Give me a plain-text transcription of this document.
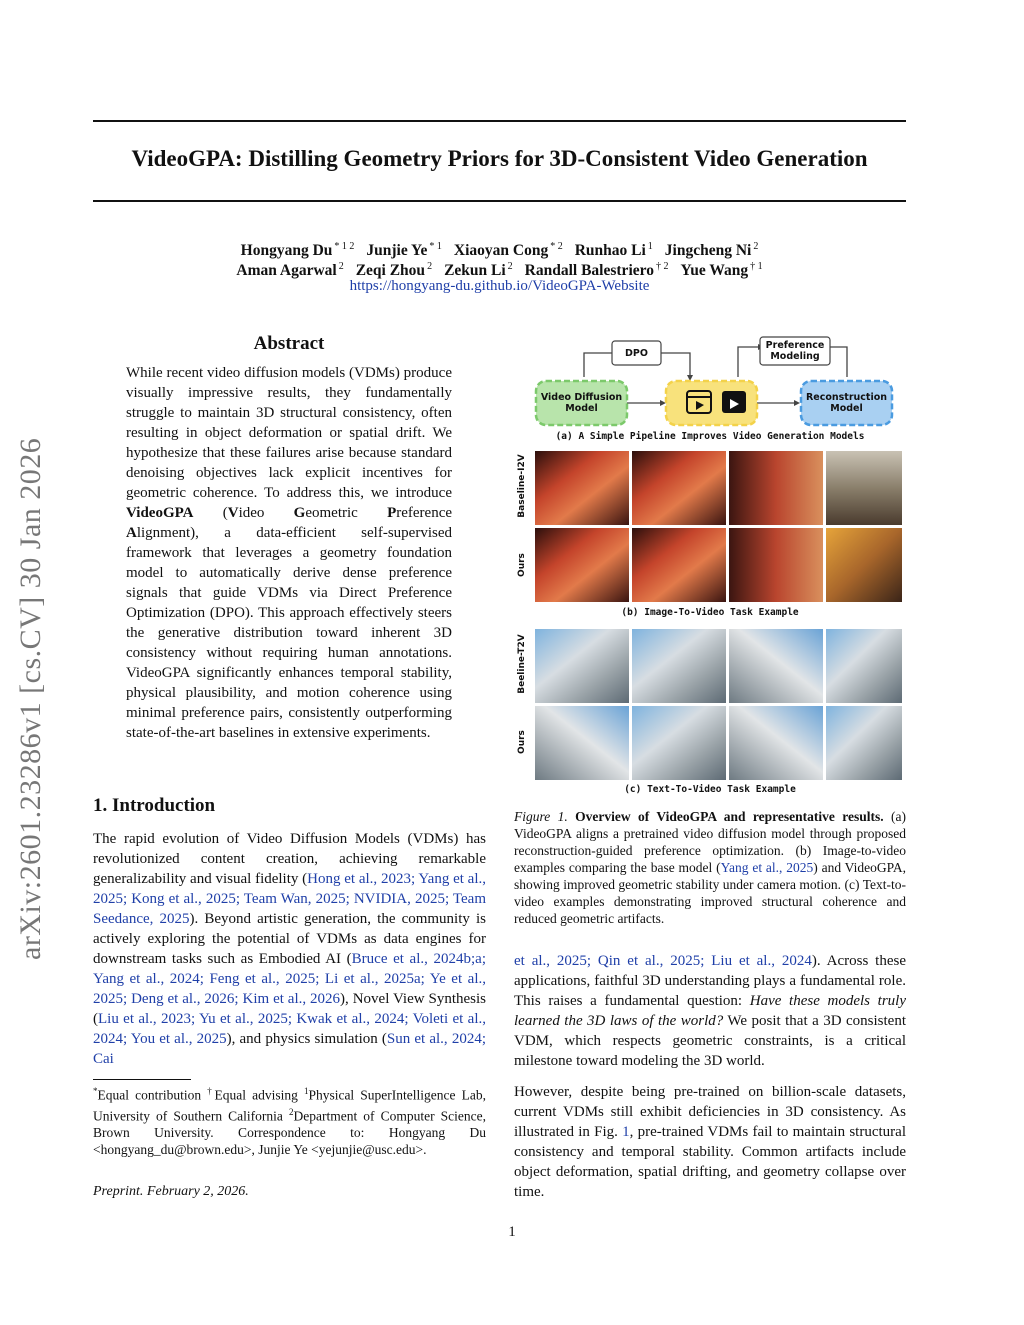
arXiv:2601.23286v1 [cs.CV] 30 Jan 2026
VideoGPA: Distilling Geometry Priors for 3D-Consistent Video Generation
Hongyang Du $^{* 1 2}$ Junjie Ye $^{* 1}$ Xiaoyan Cong $^{* 2}$ Runhao Li $^1$ Jingcheng Ni $^2$
Aman Agarwal $^2$ Zeqi Zhou $^2$ Zekun Li $^2$ Randall Balestriero $^{\dagger 2}$ Yue Wang $^{\dagger 1}$
https://hongyang-du.github.io/VideoGPA-Website
Abstract
While recent video diffusion models (VDMs) produce visually impressive results, they fundamentally struggle to maintain 3D structural consistency, often resulting in object deformation or spatial drift. We hypothesize that these failures arise because standard denoising objectives lack explicit incentives for geometric coherence. To address this, we introduce VideoGPA (Video Geometric Preference Alignment), a data-efficient self-supervised framework that leverages a geometry foundation model to automatically derive dense preference signals that guide VDMs via Direct Preference Optimization (DPO). This approach effectively steers the generative distribution toward inherent 3D consistency without requiring human annotations. VideoGPA significantly enhances temporal stability, physical plausibility, and motion coherence using minimal preference pairs, consistently outperforming state-of-the-art baselines in extensive experiments.
1. Introduction
The rapid evolution of Video Diffusion Models (VDMs) has revolutionized content creation, achieving remarkable generalizability and visual fidelity (Hong et al., 2023; Yang et al., 2025; Kong et al., 2025; Team Wan, 2025; NVIDIA, 2025; Team Seedance, 2025). Beyond artistic generation, the community is actively exploring the potential of VDMs as data engines for downstream tasks such as Embodied AI (Bruce et al., 2024b;a; Yang et al., 2024; Feng et al., 2025; Li et al., 2025a; Ye et al., 2025; Deng et al., 2026; Kim et al., 2026), Novel View Synthesis (Liu et al., 2023; Yu et al., 2025; Kwak et al., 2024; Voleti et al., 2024; You et al., 2025), and physics simulation (Sun et al., 2024; Cai
*Equal contribution †Equal advising $^1$Physical SuperIntelligence Lab, University of Southern California $^2$Department of Computer Science, Brown University. Correspondence to: Hongyang Du <hongyang_du@brown.edu>, Junjie Ye <yejunjie@usc.edu>.
Preprint. February 2, 2026.
1
DPO
Preference Modeling
Video Diffusion Model
Reconstruction Model
(a) A Simple Pipeline Improves Video Generation Models
(b) Image-To-Video Task Example
(c) Text-To-Video Task Example
Baseline-I2V
Ours
Beeline-T2V
Ours
Figure 1. Overview of VideoGPA and representative results. (a) VideoGPA aligns a pretrained video diffusion model through proposed reconstruction-guided preference optimization. (b) Image-to-video examples comparing the base model (Yang et al., 2025) and VideoGPA, showing improved geometric stability under camera motion. (c) Text-to-video examples demonstrating improved structural coherence and reduced geometric artifacts.
et al., 2025; Qin et al., 2025; Liu et al., 2024). Across these applications, faithful 3D understanding plays a fundamental role. This raises a fundamental question: Have these models truly learned the 3D laws of the world? We posit that a 3D consistent VDM, which respects geometric constraints, is a critical milestone toward modeling the 3D world.
However, despite being pre-trained on billion-scale datasets, current VDMs still exhibit deficiencies in 3D consistency. As illustrated in Fig. 1, pre-trained VDMs fail to maintain structural consistency and temporal stability. Common artifacts include object deformation, spatial drifting, and geometry collapse over time.
